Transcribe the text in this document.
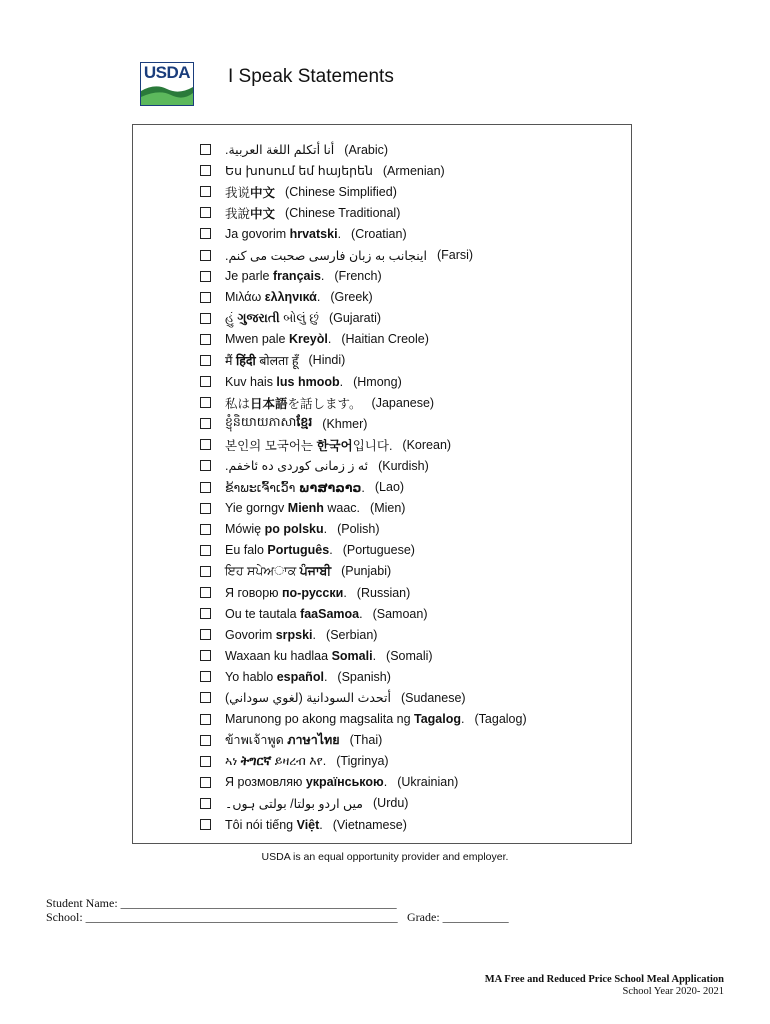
USDA I Speak Statements
أنا أتكلم اللغة العربية. (Arabic)
Ես խոսում եմ հայերեն (Armenian)
我说中文 (Chinese Simplified)
我說中文 (Chinese Traditional)
Ja govorim hrvatski. (Croatian)
اینجانب به زبان فارسی صحبت می کنم. (Farsi)
Je parle français. (French)
Μιλάω ελληνικά. (Greek)
હું ગુજરાતી બોલું છું (Gujarati)
Mwen pale Kreyòl. (Haitian Creole)
मैं हिंदी बोलता हूँ (Hindi)
Kuv hais lus hmoob. (Hmong)
私は日本語を話します。 (Japanese)
ខ្ញុំនិយាយភាសាខ្មែរ (Khmer)
본인의 모국어는 한국어입니다. (Korean)
ئه ز زمانی کوردی ده ئاخفم. (Kurdish)
ຂ້າພະເຈົ້າເວົ້າ ພາສາລາວ. (Lao)
Yie gorngv Mienh waac. (Mien)
Mówię po polsku. (Polish)
Eu falo Português. (Portuguese)
ਇਹ ਸਪੇਅਾਕ ਪੰਜਾਬੀ (Punjabi)
Я говорю по-русски. (Russian)
Ou te tautala faaSamoa. (Samoan)
Govorim srpski. (Serbian)
Waxaan ku hadlaa Somali. (Somali)
Yo hablo español. (Spanish)
أتحدث السودانية (لغوي سوداني) (Sudanese)
Marunong po akong magsalita ng Tagalog. (Tagalog)
ข้าพเจ้าพูด ภาษาไทย (Thai)
ኣነ ትግርኛ ይዛረብ እየ. (Tigrinya)
Я розмовляю українською. (Ukrainian)
میں اردو بولتا/ بولتی ہوں۔ (Urdu)
Tôi nói tiếng Việt. (Vietnamese)
USDA is an equal opportunity provider and employer.
Student Name: ______________________________________________
School: ____________________________________________________ Grade: ___________
MA Free and Reduced Price School Meal Application
School Year 2020- 2021
